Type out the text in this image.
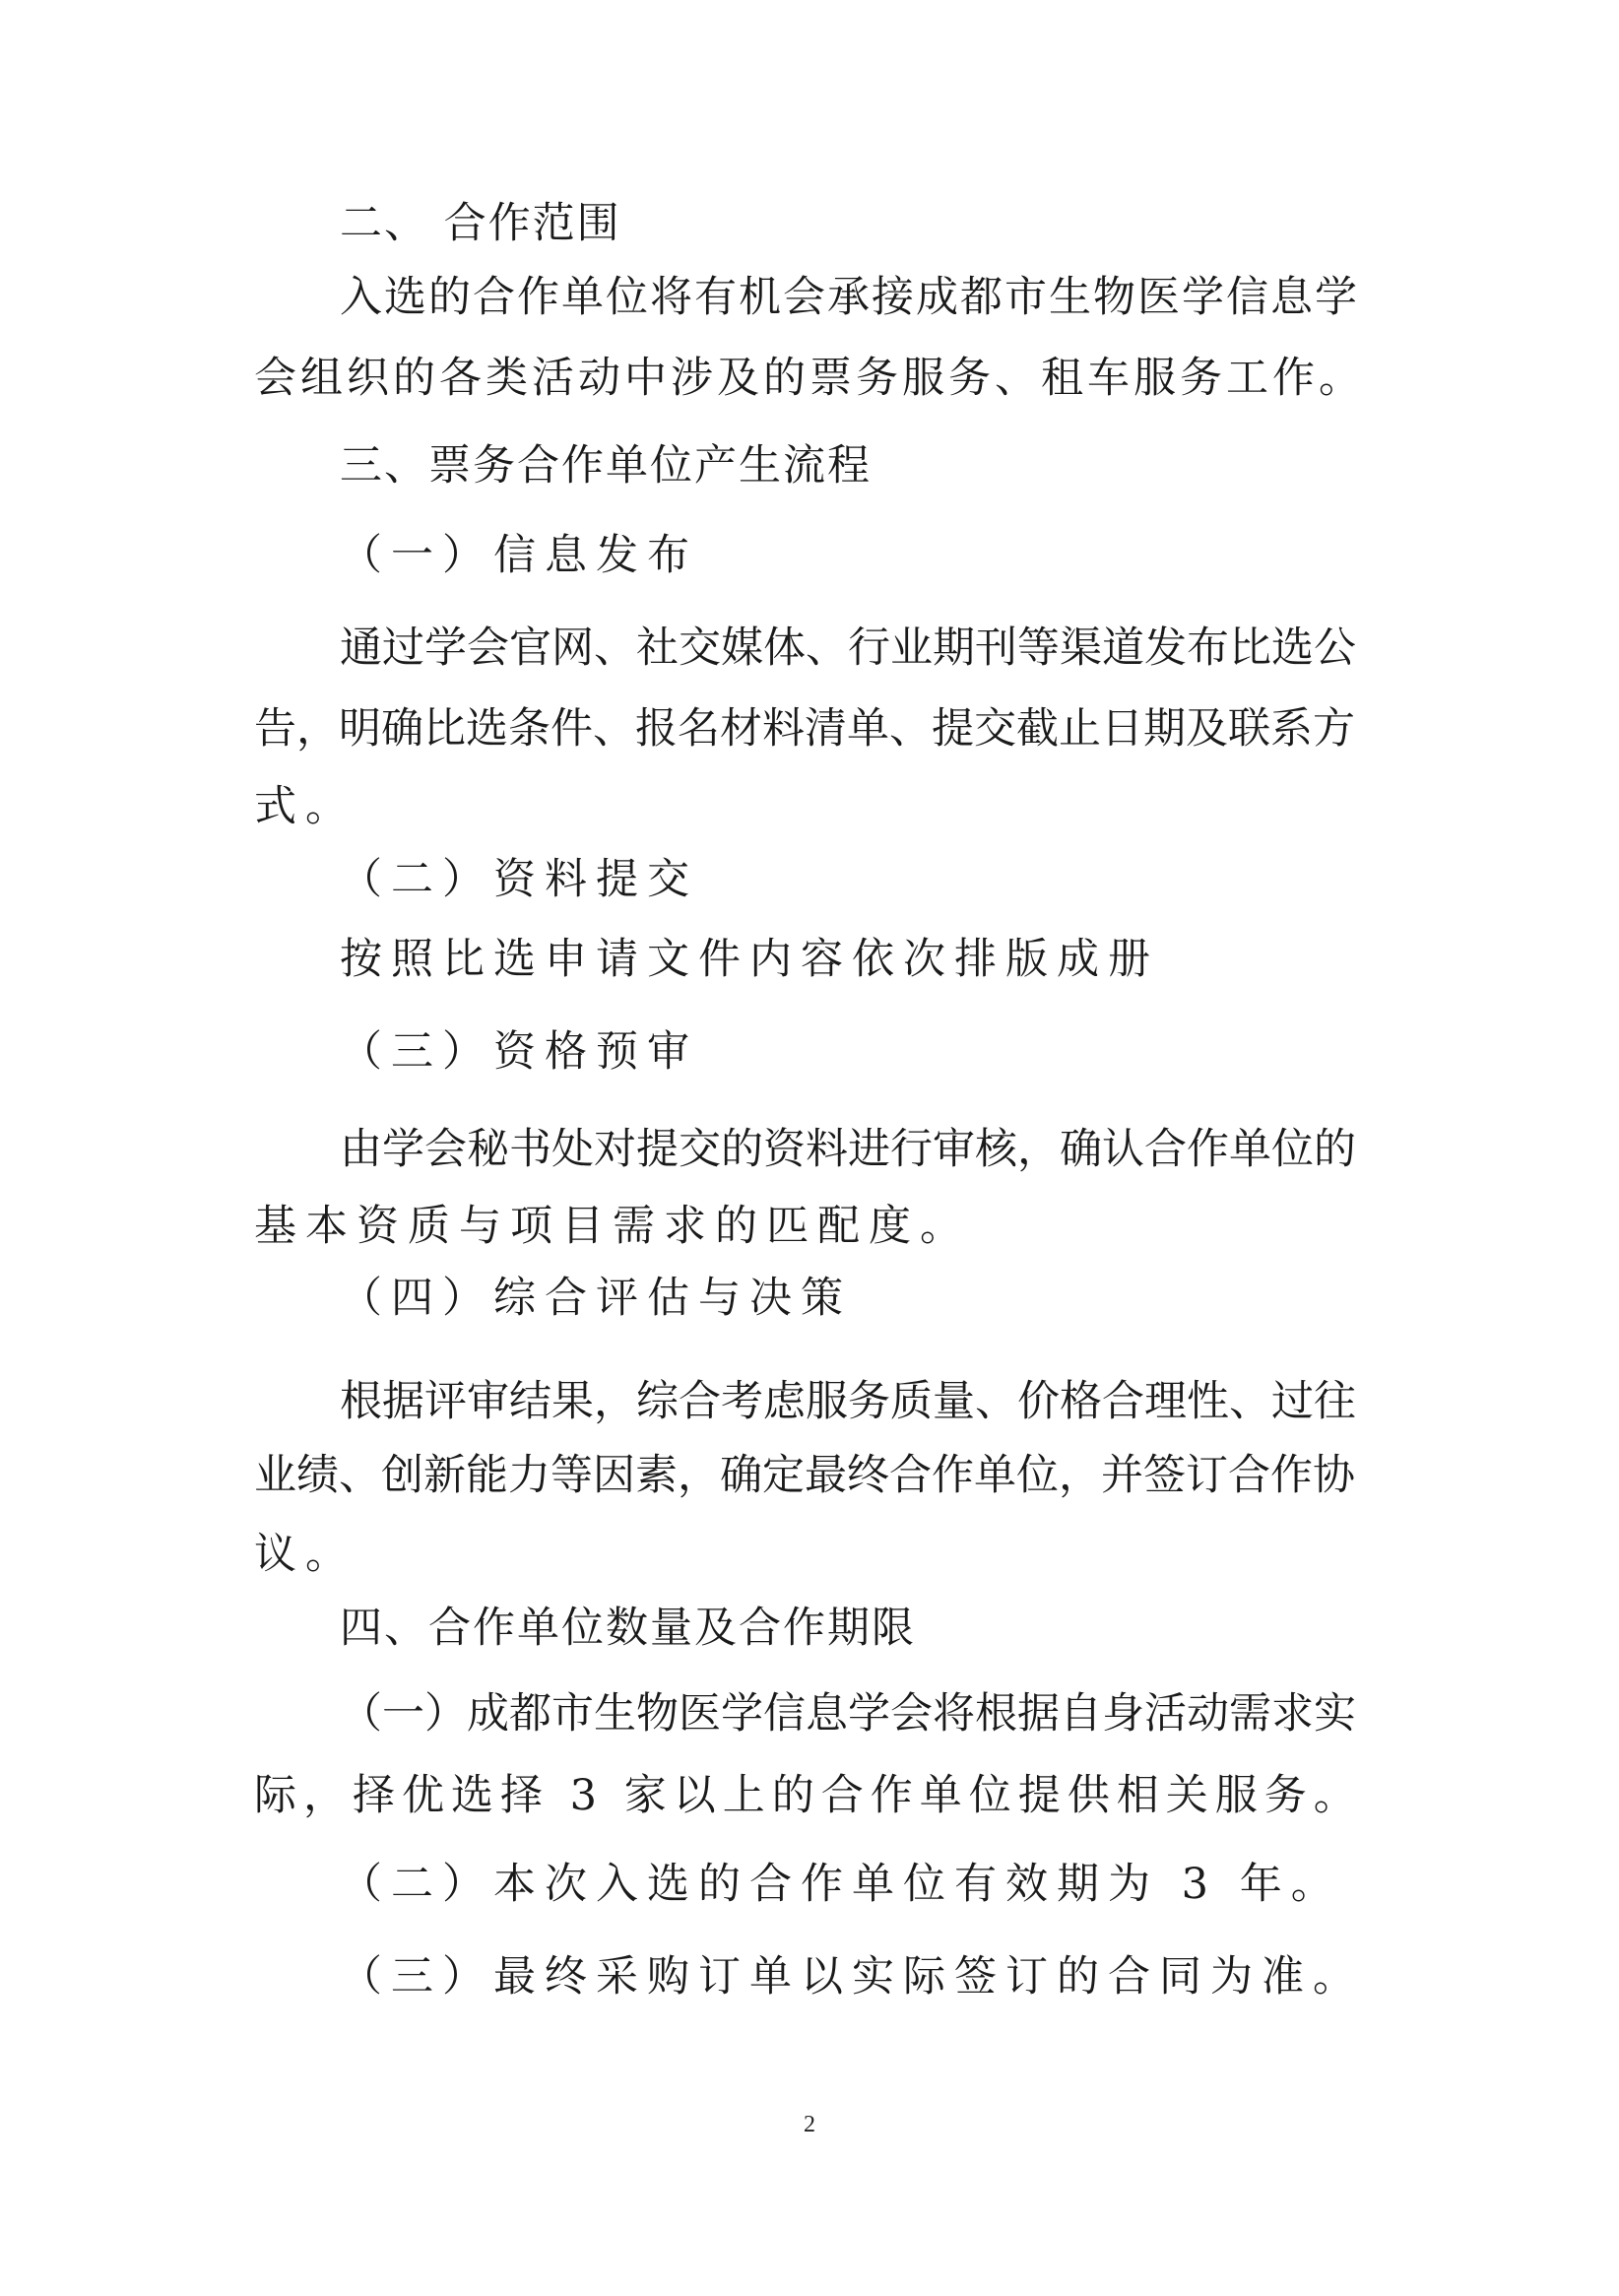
二、 合作范围
入选的合作单位将有机会承接成都市生物医学信息学
会组织的各类活动中涉及的票务服务、租车服务工作。
三、票务合作单位产生流程
（一）信息发布
通过学会官网、社交媒体、行业期刊等渠道发布比选公
告，明确比选条件、报名材料清单、提交截止日期及联系方
式。
（二）资料提交
按照比选申请文件内容依次排版成册
（三）资格预审
由学会秘书处对提交的资料进行审核，确认合作单位的
基本资质与项目需求的匹配度。
（四）综合评估与决策
根据评审结果，综合考虑服务质量、价格合理性、过往
业绩、创新能力等因素，确定最终合作单位，并签订合作协
议。
四、合作单位数量及合作期限
（一）成都市生物医学信息学会将根据自身活动需求实
际，择优选择 3 家以上的合作单位提供相关服务。
（二）本次入选的合作单位有效期为 3 年。
（三）最终采购订单以实际签订的合同为准。
2
